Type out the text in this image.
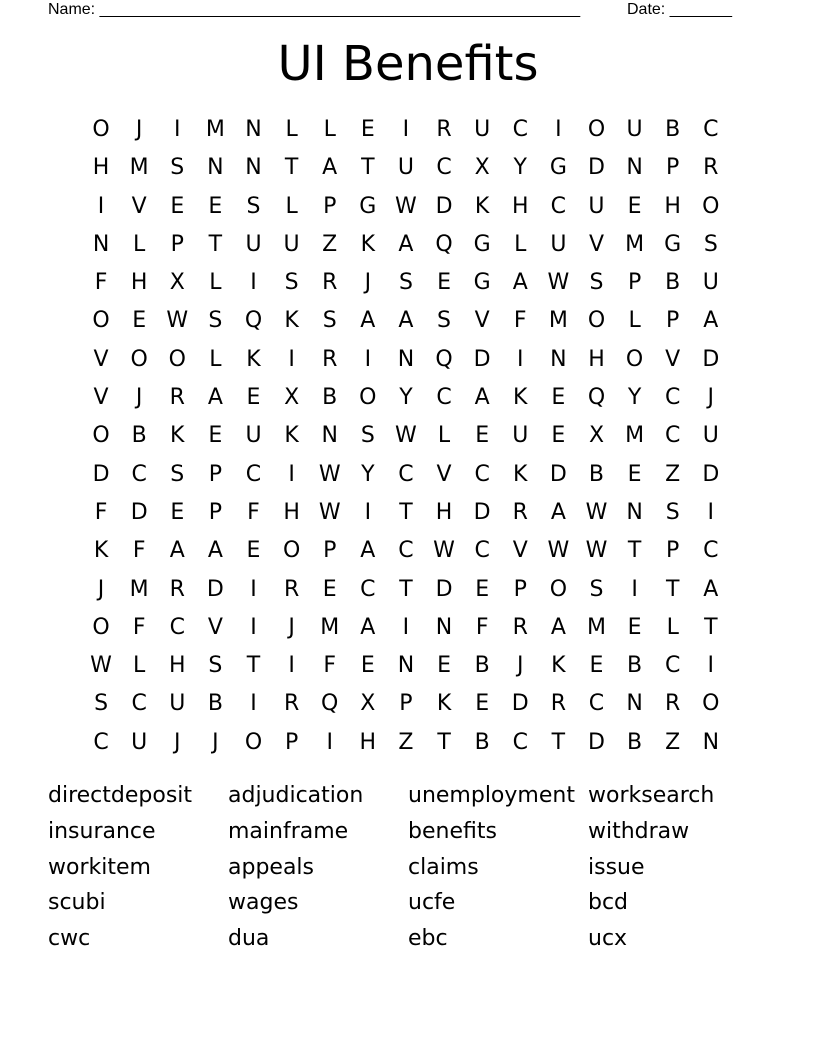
Name: ______________________________________________________	Date: _______
UI Benefits
O	J	I	M N	L	L	E	I	R	U	C	I	O U	B	C
H M S	N N	T	A	T	U	C	X	Y	G D N	P	R
I	V	E	E	S	L	P	G W D	K	H	C	U	E	H O
N	L	P	T	U	U	Z	K	A Q G	L	U	V M G	S
F	H	X	L	I	S	R	J	S	E	G	A W S	P	B	U
O	E W S	Q	K	S	A	A	S	V	F	M O	L	P	A
V O O	L	K	I	R	I	N Q D	I	N H O V	D
V	J	R	A	E	X	B O	Y	C	A	K	E	Q	Y	C	J
O B	K	E	U	K	N	S W L	E	U	E	X M C	U
D C	S	P	C	I	W Y	C	V	C	K	D	B	E	Z	D
F	D	E	P	F	H W	I	T	H D R	A W N	S	I
K	F	A	A	E	O	P	A	C W C	V W W T	P	C
J	M R D	I	R	E	C	T	D	E	P	O	S	I	T	A
O	F	C	V	I	J	M A	I	N	F	R	A M E	L	T
W L	H	S	T	I	F	E	N	E	B	J	K	E	B	C	I
S	C	U	B	I	R Q X	P	K	E	D R	C	N	R O
C	U	J	J	O	P	I	H	Z	T	B	C	T	D	B	Z	N
directdeposit	adjudication	unemployment worksearch
insurance	mainframe	benefits	withdraw
workitem	appeals	claims	issue
scubi	wages	ucfe	bcd
cwc	dua	ebc	ucx
